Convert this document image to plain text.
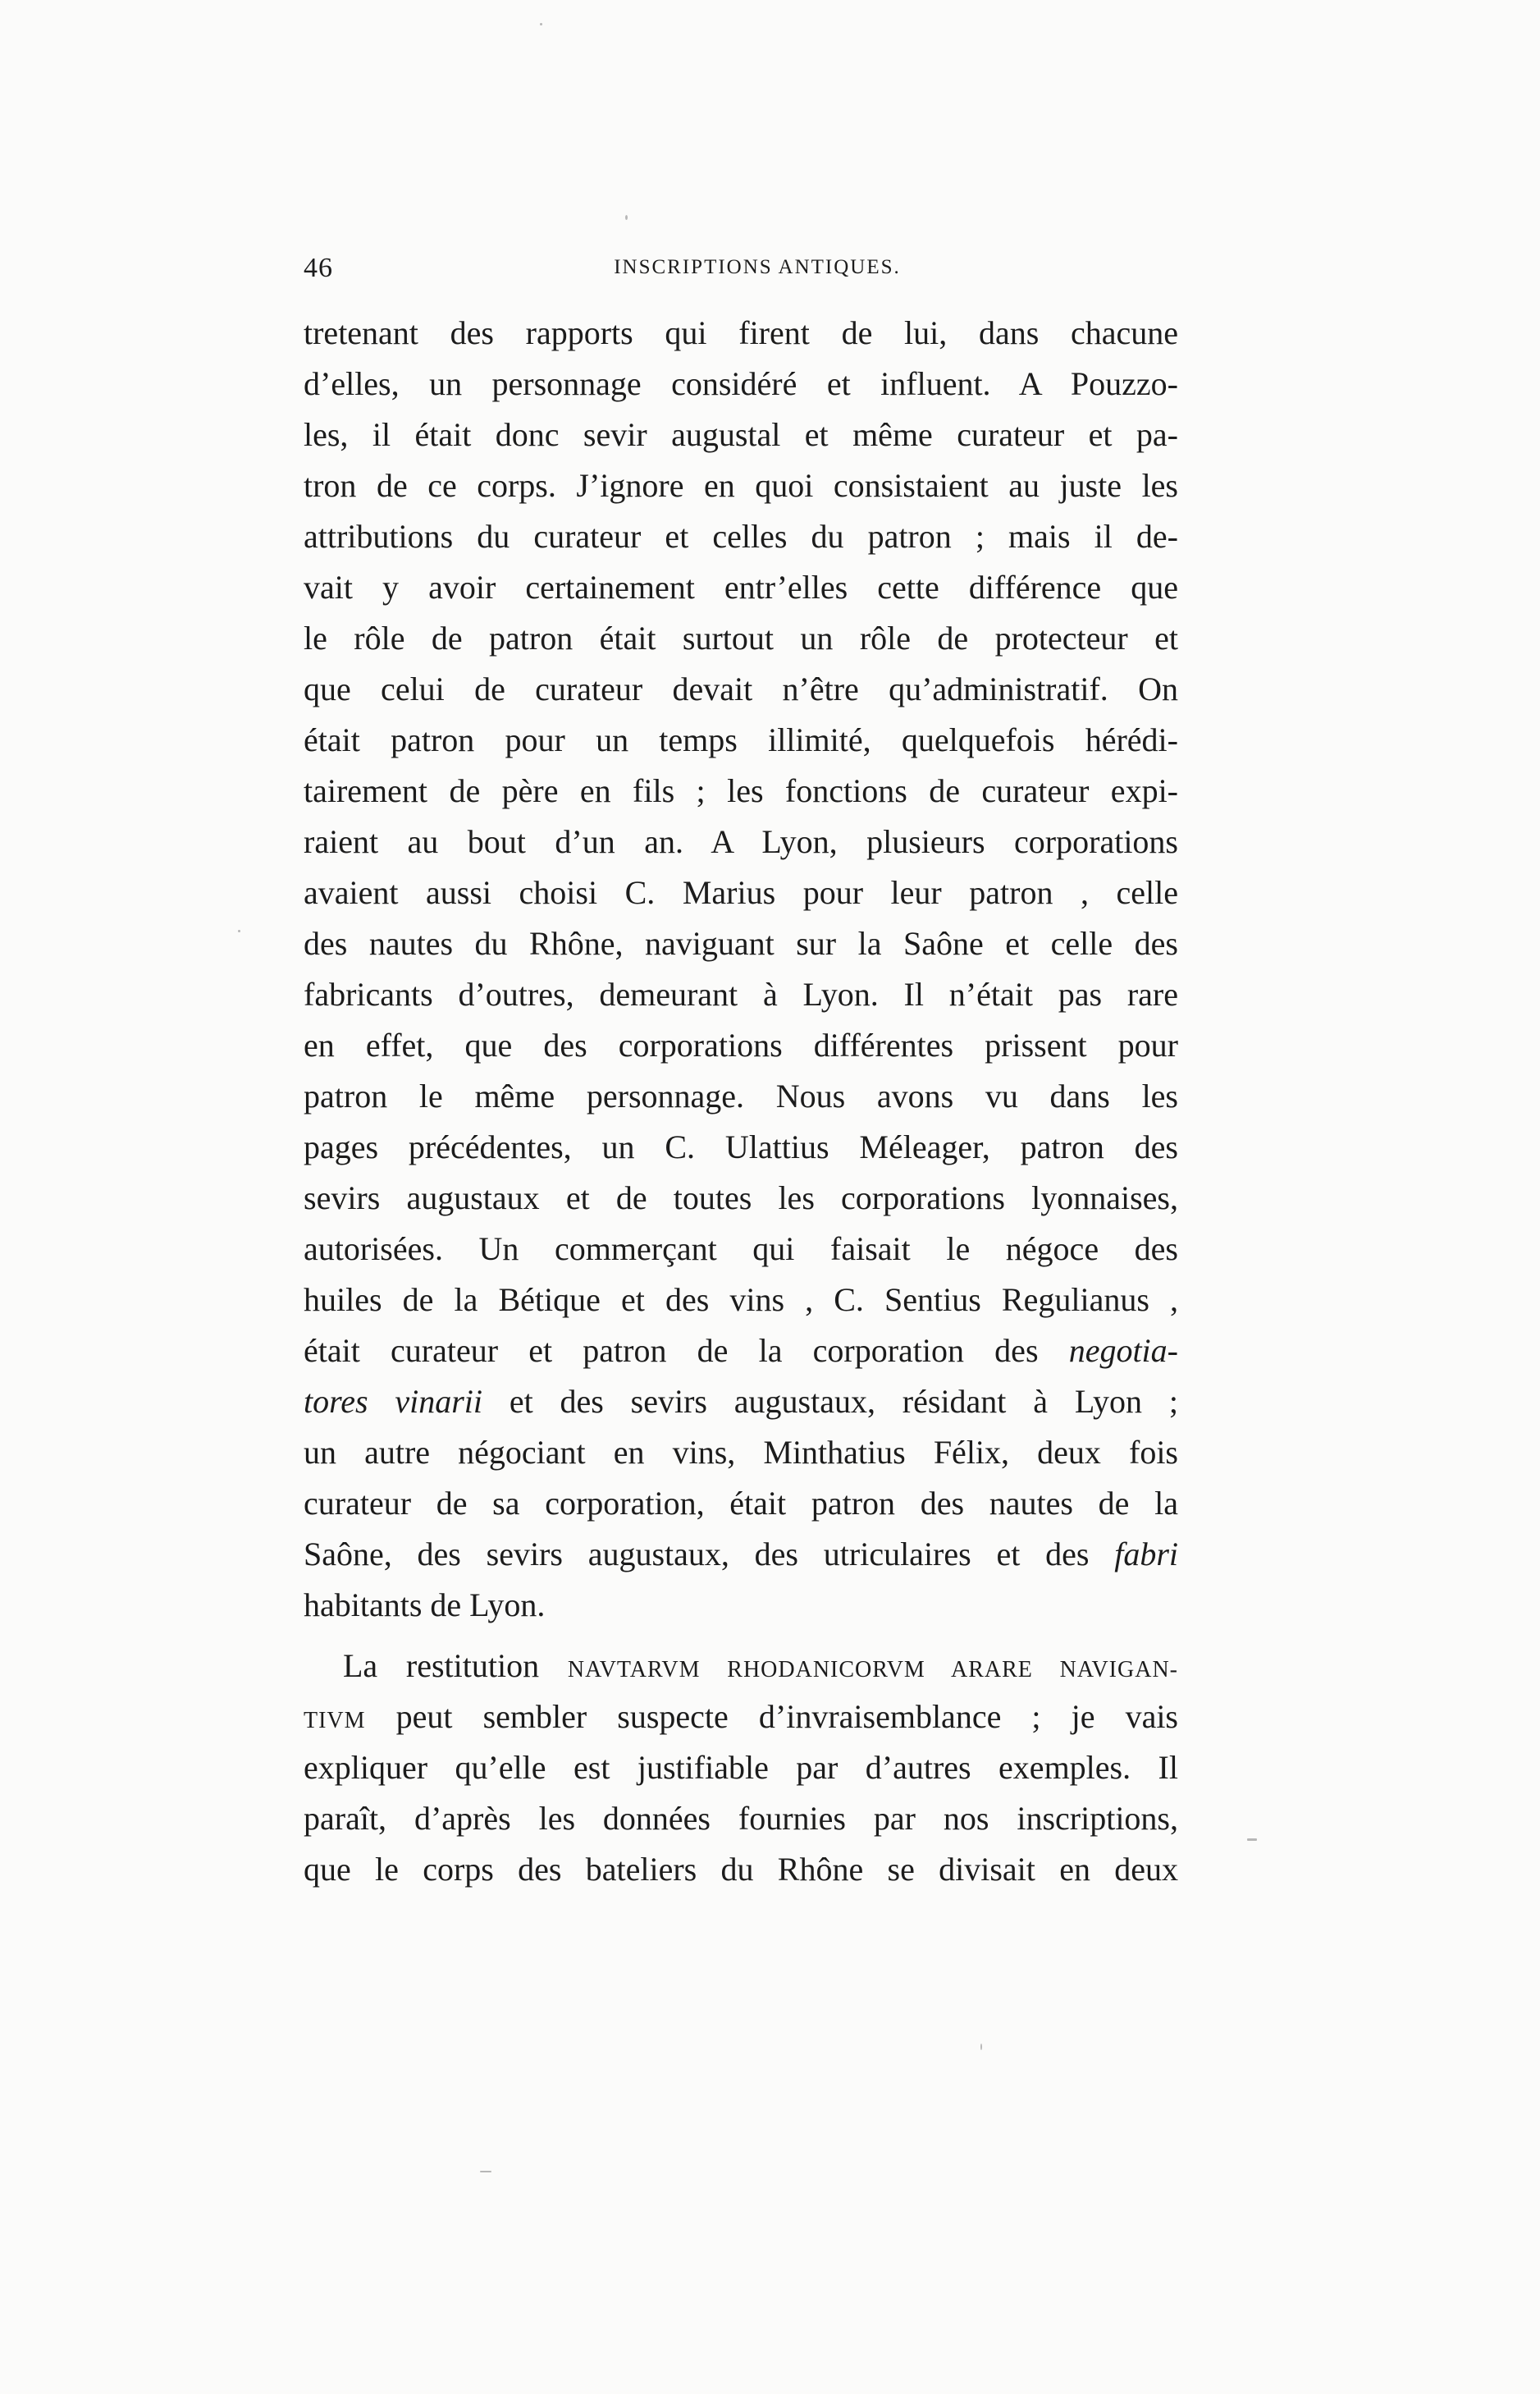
46	INSCRIPTIONS ANTIQUES.
tretenant des rapports qui firent de lui, dans chacune
d’elles, un personnage considéré et influent. A Pouzzo-
les, il était donc sevir augustal et même curateur et pa-
tron de ce corps. J’ignore en quoi consistaient au juste les
attributions du curateur et celles du patron ; mais il de-
vait y avoir certainement entr’elles cette différence que
le rôle de patron était surtout un rôle de protecteur et
que celui de curateur devait n’être qu’administratif. On
était patron pour un temps illimité, quelquefois hérédi-
tairement de père en fils ; les fonctions de curateur expi-
raient au bout d’un an. A Lyon, plusieurs corporations
avaient aussi choisi C. Marius pour leur patron , celle
des nautes du Rhône, naviguant sur la Saône et celle des
fabricants d’outres, demeurant à Lyon. Il n’était pas rare
en effet, que des corporations différentes prissent pour
patron le même personnage. Nous avons vu dans les
pages précédentes, un C. Ulattius Méleager, patron des
sevirs augustaux et de toutes les corporations lyonnaises,
autorisées. Un commerçant qui faisait le négoce des
huiles de la Bétique et des vins , C. Sentius Regulianus ,
était curateur et patron de la corporation des negotia-
tores vinarii et des sevirs augustaux, résidant à Lyon ;
un autre négociant en vins, Minthatius Félix, deux fois
curateur de sa corporation, était patron des nautes de la
Saône, des sevirs augustaux, des utriculaires et des fabri
habitants de Lyon.
La restitution NAVTARVM RHODANICORVM ARARE NAVIGAN-
TIVM peut sembler suspecte d’invraisemblance ; je vais
expliquer qu’elle est justifiable par d’autres exemples. Il
paraît, d’après les données fournies par nos inscriptions,
que le corps des bateliers du Rhône se divisait en deux
